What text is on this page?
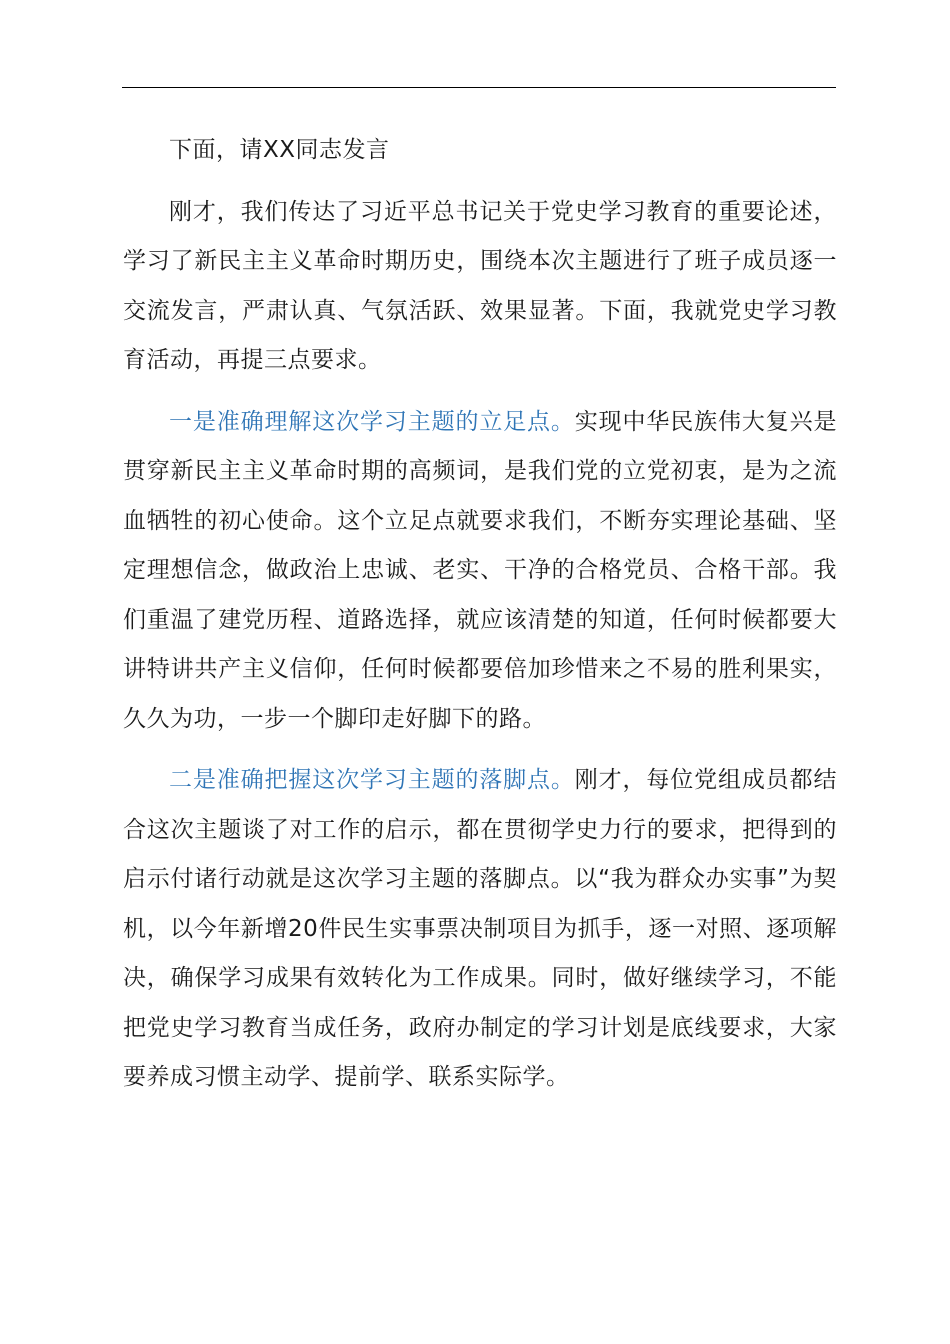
下面，请XX同志发言

刚才，我们传达了习近平总书记关于党史学习教育的重要论述，学习了新民主主义革命时期历史，围绕本次主题进行了班子成员逐一交流发言，严肃认真、气氛活跃、效果显著。下面，我就党史学习教育活动，再提三点要求。

一是准确理解这次学习主题的立足点。实现中华民族伟大复兴是贯穿新民主主义革命时期的高频词，是我们党的立党初衷，是为之流血牺牲的初心使命。这个立足点就要求我们，不断夯实理论基础、坚定理想信念，做政治上忠诚、老实、干净的合格党员、合格干部。我们重温了建党历程、道路选择，就应该清楚的知道，任何时候都要大讲特讲共产主义信仰，任何时候都要倍加珍惜来之不易的胜利果实，久久为功，一步一个脚印走好脚下的路。

二是准确把握这次学习主题的落脚点。刚才，每位党组成员都结合这次主题谈了对工作的启示，都在贯彻学史力行的要求，把得到的启示付诸行动就是这次学习主题的落脚点。以“我为群众办实事”为契机，以今年新增20件民生实事票决制项目为抓手，逐一对照、逐项解决，确保学习成果有效转化为工作成果。同时，做好继续学习，不能把党史学习教育当成任务，政府办制定的学习计划是底线要求，大家要养成习惯主动学、提前学、联系实际学。
